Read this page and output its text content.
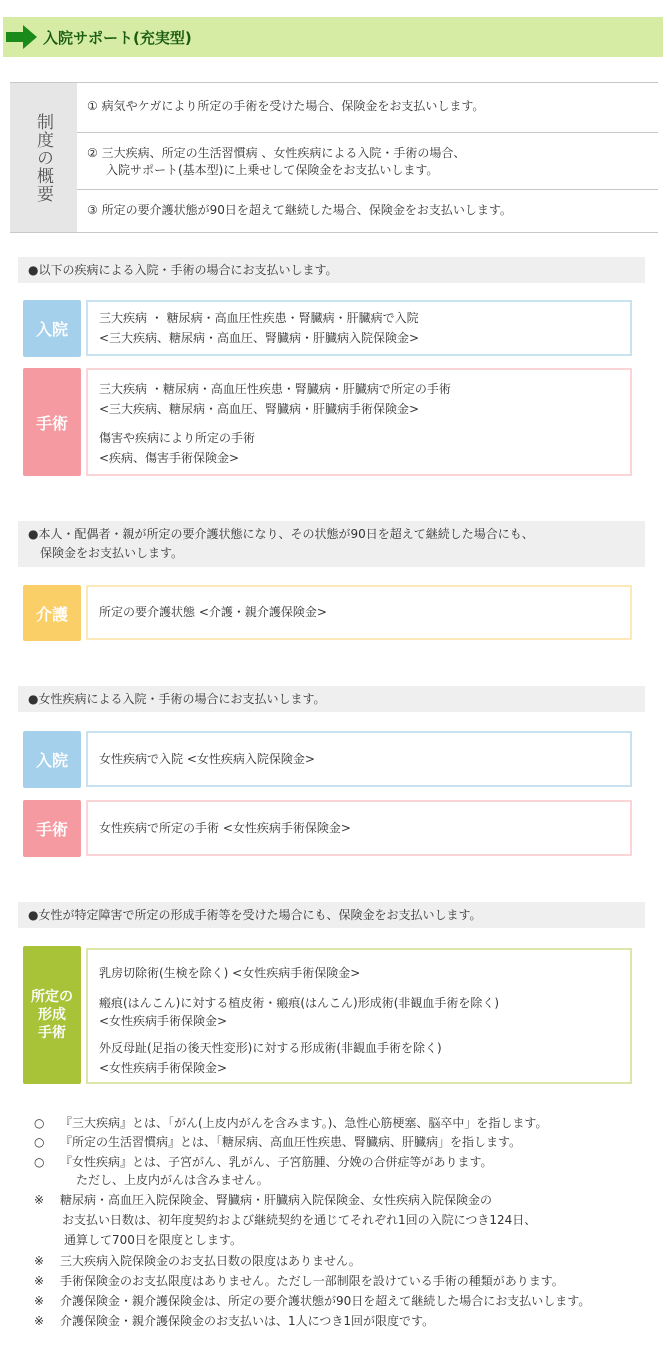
入院サポート(充実型)
制度の概要
① 病気やケガにより所定の手術を受けた場合、保険金をお支払いします。
② 三大疾病、所定の生活習慣病 、女性疾病による入院・手術の場合、
入院サポート(基本型)に上乗せして保険金をお支払いします。
③ 所定の要介護状態が90日を超えて継続した場合、保険金をお支払いします。
●以下の疾病による入院・手術の場合にお支払いします。
入院
三大疾病 ・ 糖尿病・高血圧性疾患・腎臓病・肝臓病で入院
<三大疾病、糖尿病・高血圧、腎臓病・肝臓病入院保険金>
手術
三大疾病 ・糖尿病・高血圧性疾患・腎臓病・肝臓病で所定の手術
<三大疾病、糖尿病・高血圧、腎臓病・肝臓病手術保険金>
傷害や疾病により所定の手術
<疾病、傷害手術保険金>
●本人・配偶者・親が所定の要介護状態になり、その状態が90日を超えて継続した場合にも、
保険金をお支払いします。
介護	所定の要介護状態 <介護・親介護保険金>
●女性疾病による入院・手術の場合にお支払いします。
入院	女性疾病で入院 <女性疾病入院保険金>
手術	女性疾病で所定の手術 <女性疾病手術保険金>
●女性が特定障害で所定の形成手術等を受けた場合にも、保険金をお支払いします。
所定の
形成
手術
乳房切除術(生検を除く) <女性疾病手術保険金>
瘢痕(はんこん)に対する植皮術・瘢痕(はんこん)形成術(非観血手術を除く)
<女性疾病手術保険金>
外反母趾(足指の後天性変形)に対する形成術(非観血手術を除く)
<女性疾病手術保険金>
○ 『三大疾病』とは、「がん(上皮内がんを含みます。)、急性心筋梗塞、脳卒中」を指します。
○ 『所定の生活習慣病』とは、「糖尿病、高血圧性疾患、腎臓病、肝臓病」を指します。
○ 『女性疾病』とは、子宮がん、乳がん、子宮筋腫、分娩の合併症等があります。
ただし、上皮内がんは含みません。
※ 糖尿病・高血圧入院保険金、腎臓病・肝臓病入院保険金、女性疾病入院保険金の
お支払い日数は、初年度契約および継続契約を通じてそれぞれ1回の入院につき124日、
通算して700日を限度とします。
※ 三大疾病入院保険金のお支払日数の限度はありません。
※ 手術保険金のお支払限度はありません。ただし一部制限を設けている手術の種類があります。
※ 介護保険金・親介護保険金は、所定の要介護状態が90日を超えて継続した場合にお支払いします。
※ 介護保険金・親介護保険金のお支払いは、1人につき1回が限度です。
